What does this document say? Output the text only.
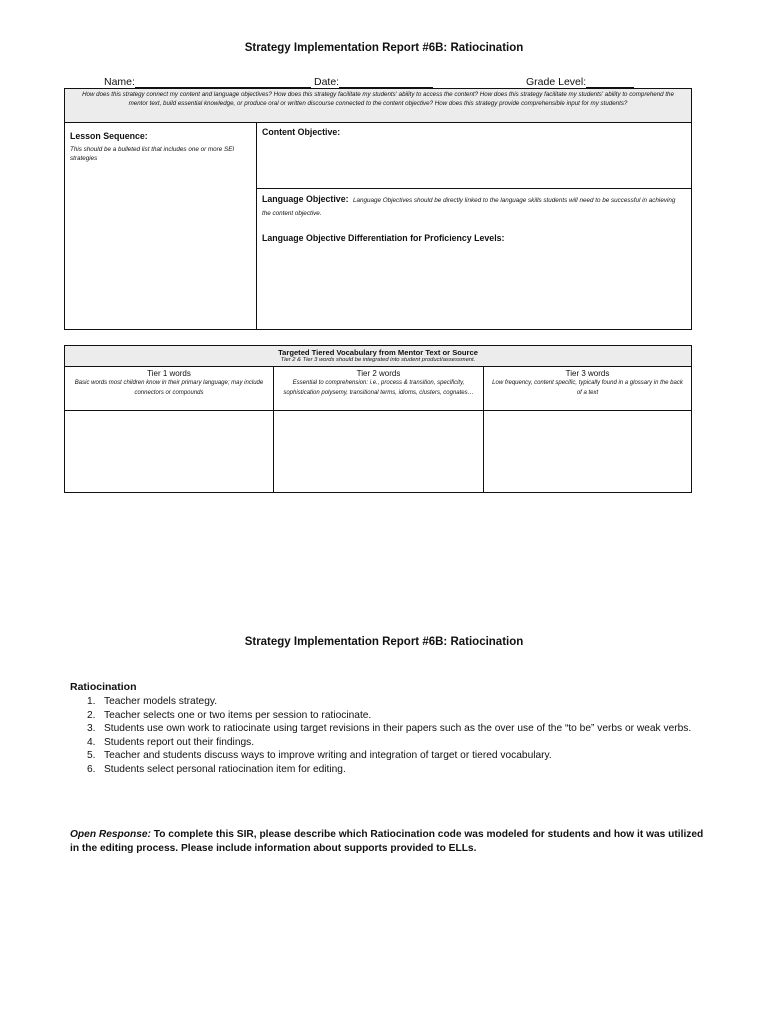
Strategy Implementation Report #6B: Ratiocination
Name:	Date:	Grade Level:
How does this strategy connect my content and language objectives? How does this strategy facilitate my students' ability to access the content? How does this strategy facilitate my students' ability to comprehend the mentor text, build essential knowledge, or produce oral or written discourse connected to the content objective? How does this strategy provide comprehensible input for my students?
Lesson Sequence:
This should be a bulleted list that includes one or more SEI strategies
Content Objective:
Language Objective: Language Objectives should be directly linked to the language skills students will need to be successful in achieving the content objective.
Language Objective Differentiation for Proficiency Levels:
Targeted Tiered Vocabulary from Mentor Text or Source
Tier 2 & Tier 3 words should be integrated into student product/assessment.
Tier 1 words
Basic words most children know in their primary language; may include connectors or compounds
Tier 2 words
Essential to comprehension: i.e., process & transition, specificity, sophistication polysemy, transitional terms, idioms, clusters, cognates…
Tier 3 words
Low frequency, content specific, typically found in a glossary in the back of a text
Strategy Implementation Report #6B: Ratiocination
Ratiocination
1. Teacher models strategy.
2. Teacher selects one or two items per session to ratiocinate.
3. Students use own work to ratiocinate using target revisions in their papers such as the over use of the “to be” verbs or weak verbs.
4. Students report out their findings.
5. Teacher and students discuss ways to improve writing and integration of target or tiered vocabulary.
6. Students select personal ratiocination item for editing.
Open Response: To complete this SIR, please describe which Ratiocination code was modeled for students and how it was utilized in the editing process. Please include information about supports provided to ELLs.
